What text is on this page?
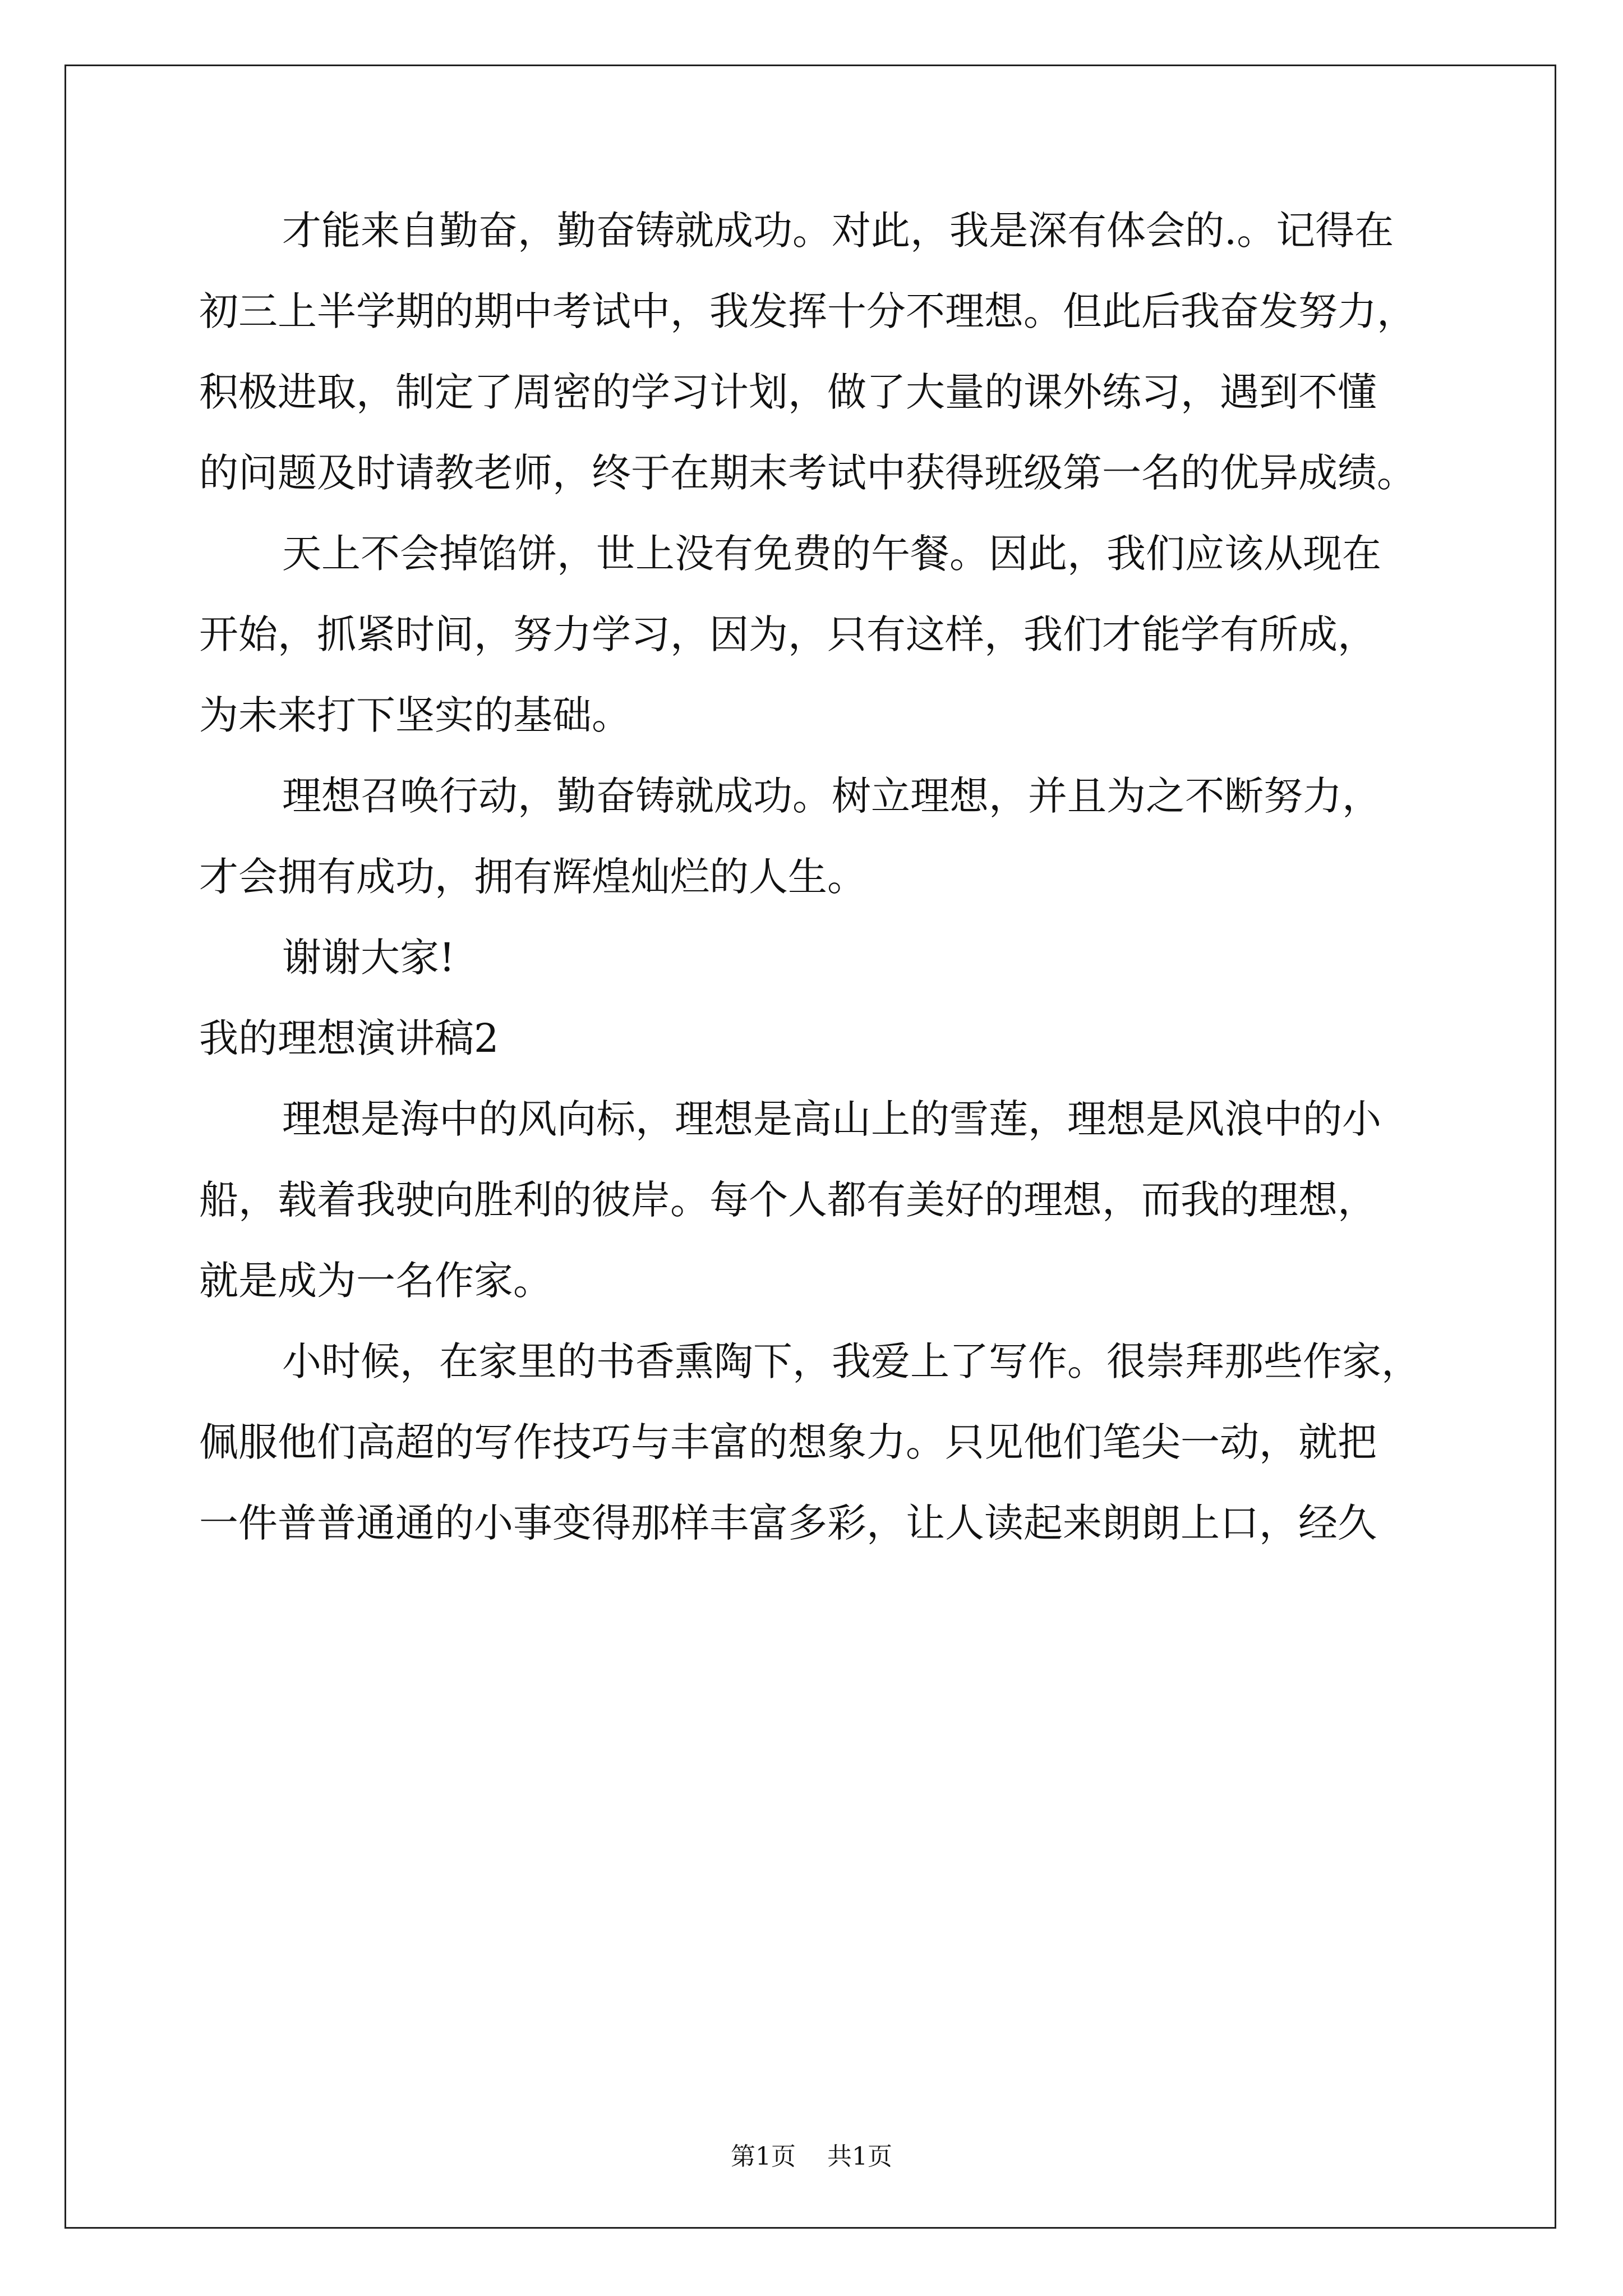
才能来自勤奋，勤奋铸就成功。对此，我是深有体会的.。记得在
初三上半学期的期中考试中，我发挥十分不理想。但此后我奋发努力，
积极进取，制定了周密的学习计划，做了大量的课外练习，遇到不懂
的问题及时请教老师，终于在期末考试中获得班级第一名的优异成绩。
天上不会掉馅饼，世上没有免费的午餐。因此，我们应该从现在
开始，抓紧时间，努力学习，因为，只有这样，我们才能学有所成，
为未来打下坚实的基础。
理想召唤行动，勤奋铸就成功。树立理想，并且为之不断努力，
才会拥有成功，拥有辉煌灿烂的人生。
谢谢大家!
我的理想演讲稿2
理想是海中的风向标，理想是高山上的雪莲，理想是风浪中的小
船，载着我驶向胜利的彼岸。每个人都有美好的理想，而我的理想，
就是成为一名作家。
小时候，在家里的书香熏陶下，我爱上了写作。很崇拜那些作家，
佩服他们高超的写作技巧与丰富的想象力。只见他们笔尖一动，就把
一件普普通通的小事变得那样丰富多彩，让人读起来朗朗上口，经久
第1页 共1页
